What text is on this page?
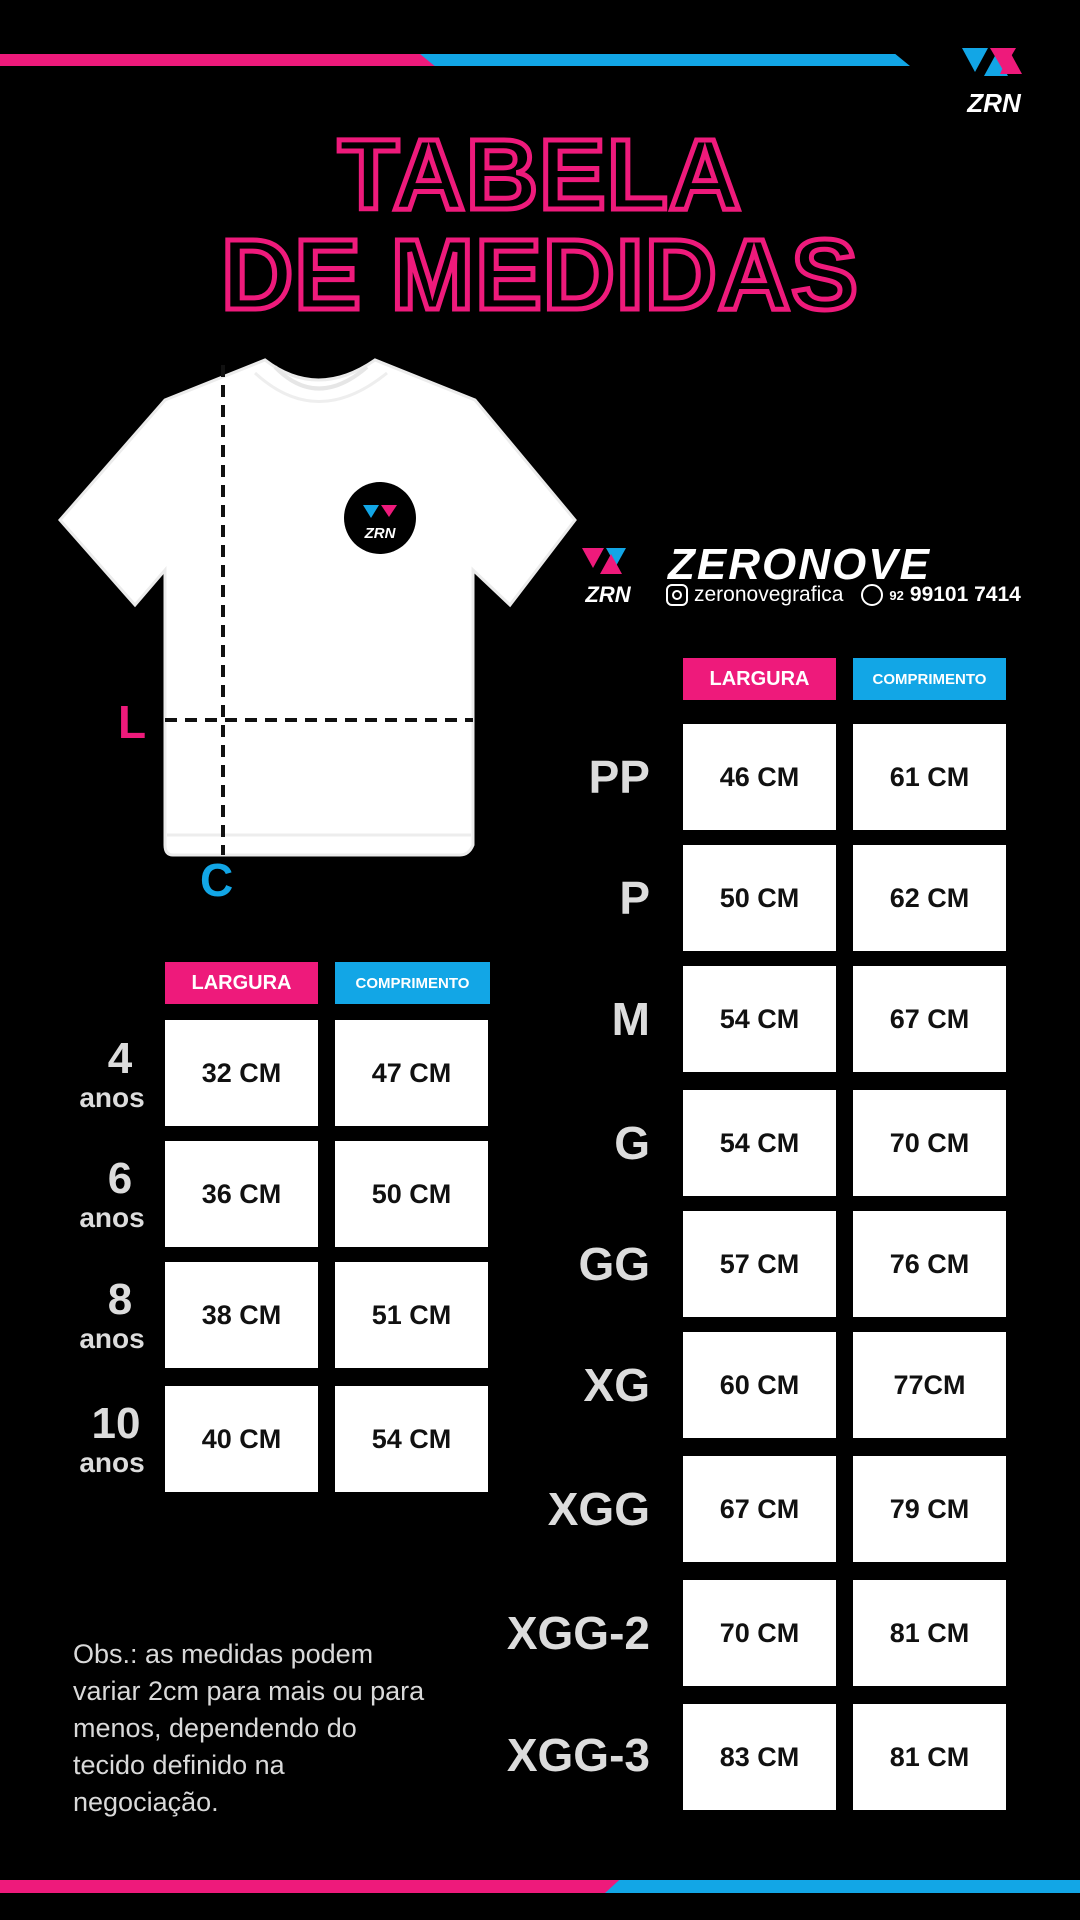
ZRN
TABELA
DE MEDIDAS
ZRN
L
C
ZRN
ZERONOVE
zeronovegrafica	92 99101 7414
LARGURA	COMPRIMENTO
PP	46 CM	61 CM
P	50 CM	62 CM
M	54 CM	67 CM
G	54 CM	70 CM
GG	57 CM	76 CM
XG	60 CM	77CM
XGG	67 CM	79 CM
XGG-2	70 CM	81 CM
XGG-3	83 CM	81 CM
LARGURA	COMPRIMENTO
4
anos
32 CM	47 CM
6
anos
36 CM	50 CM
8
anos
38 CM	51 CM
10
anos
40 CM	54 CM
Obs.: as medidas podem variar 2cm para mais ou para menos, dependendo do tecido definido na negociação.
